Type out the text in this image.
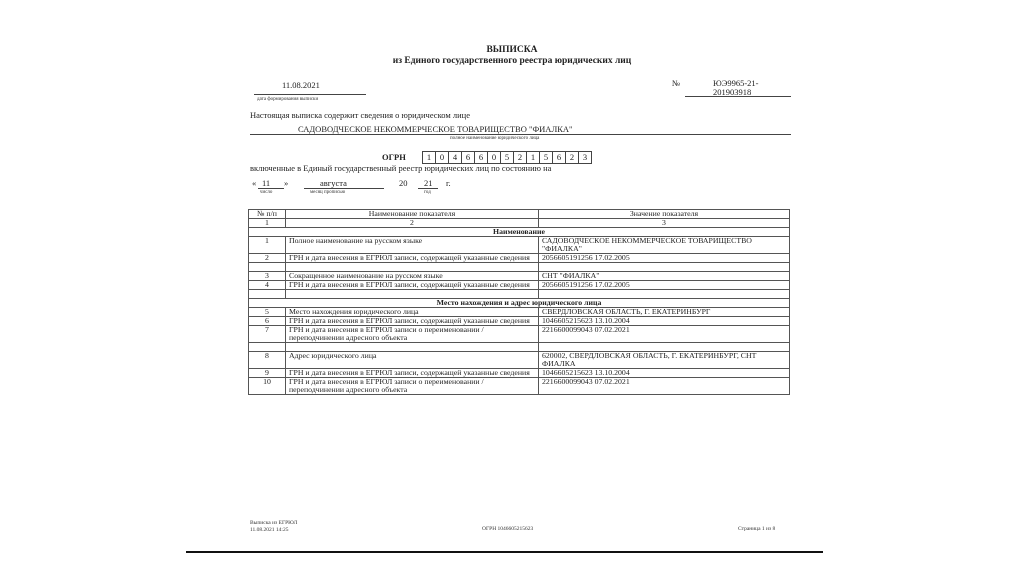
ВЫПИСКА
из Единого государственного реестра юридических лиц
11.08.2021
дата формирования выписки
№	ЮЭ9965-21-
201903918
Настоящая выписка содержит сведения о юридическом лице
САДОВОДЧЕСКОЕ НЕКОММЕРЧЕСКОЕ ТОВАРИЩЕСТВО "ФИАЛКА"
полное наименование юридического лица
ОГРН	1	0	4	6	6	0	5	2	1	5	6	2	3
включенные в Единый государственный реестр юридических лиц по состоянию на
« 11 »	августа	20 21 г.
число	месяц прописью	год
№ п/п	Наименование показателя	Значение показателя
1	2	3
Наименование		
1	Полное наименование на русском языке	САДОВОДЧЕСКОЕ НЕКОММЕРЧЕСКОЕ ТОВАРИЩЕСТВО "ФИАЛКА"
2	ГРН и дата внесения в ЕГРЮЛ записи, содержащей указанные сведения	2056605191256 17.02.2005

3	Сокращенное наименование на русском языке	СНТ "ФИАЛКА"
4	ГРН и дата внесения в ЕГРЮЛ записи, содержащей указанные сведения	2056605191256 17.02.2005

Место нахождения и адрес юридического лица		
5	Место нахождения юридического лица	СВЕРДЛОВСКАЯ ОБЛАСТЬ, Г. ЕКАТЕРИНБУРГ
6	ГРН и дата внесения в ЕГРЮЛ записи, содержащей указанные сведения	1046605215623 13.10.2004
7	ГРН и дата внесения в ЕГРЮЛ записи о переименовании / переподчинении адресного объекта	2216600099043 07.02.2021

8	Адрес юридического лица	620002, СВЕРДЛОВСКАЯ ОБЛАСТЬ, Г. ЕКАТЕРИНБУРГ, СНТ ФИАЛКА
9	ГРН и дата внесения в ЕГРЮЛ записи, содержащей указанные сведения	1046605215623 13.10.2004
10	ГРН и дата внесения в ЕГРЮЛ записи о переименовании / переподчинении адресного объекта	2216600099043 07.02.2021
Выписка из ЕГРЮЛ
11.08.2021 14:25	ОГРН 1046605215623	Страница 1 из 8
